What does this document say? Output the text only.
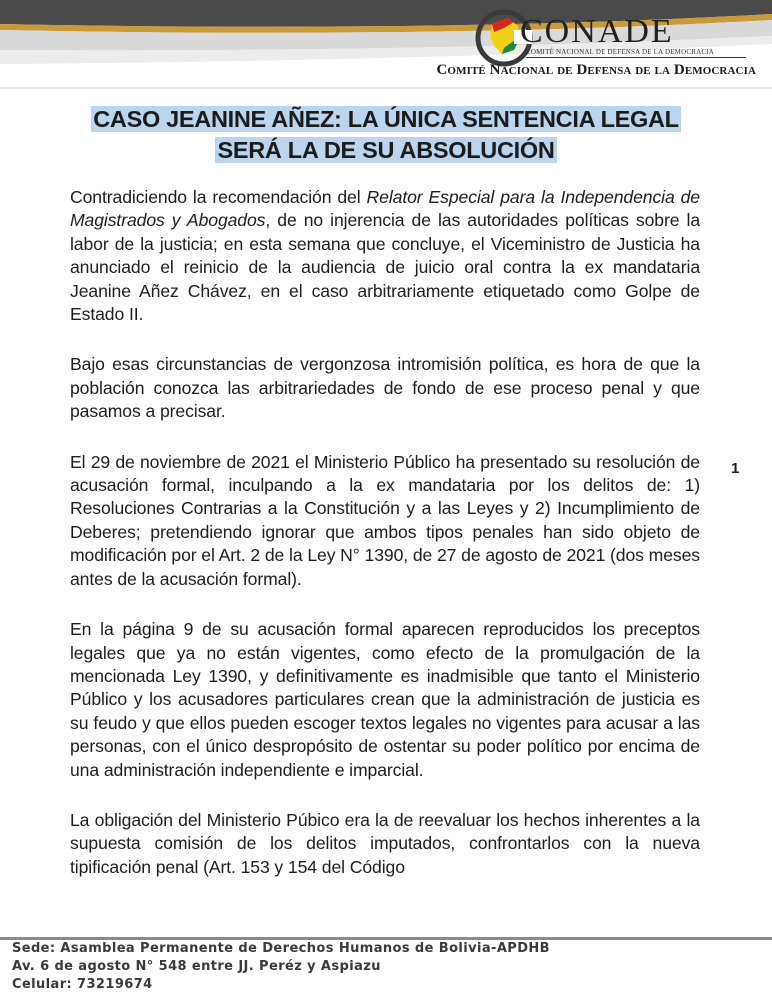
CONADE
COMITÉ NACIONAL DE DEFENSA DE LA DEMOCRACIA
Comité Nacional de Defensa de la Democracia
CASO JEANINE AÑEZ: LA ÚNICA SENTENCIA LEGAL
SERÁ LA DE SU ABSOLUCIÓN

Contradiciendo la recomendación del Relator Especial para la Independencia de Magistrados y Abogados, de no injerencia de las autoridades políticas sobre la labor de la justicia; en esta semana que concluye, el Viceministro de Justicia ha anunciado el reinicio de la audiencia de juicio oral contra la ex mandataria Jeanine Añez Chávez, en el caso arbitrariamente etiquetado como Golpe de Estado II.

Bajo esas circunstancias de vergonzosa intromisión política, es hora de que la población conozca las arbitrariedades de fondo de ese proceso penal y que pasamos a precisar.

El 29 de noviembre de 2021 el Ministerio Público ha presentado su resolución de acusación formal, inculpando a la ex mandataria por los delitos de: 1) Resoluciones Contrarias a la Constitución y a las Leyes y 2) Incumplimiento de Deberes; pretendiendo ignorar que ambos tipos penales han sido objeto de modificación por el Art. 2 de la Ley N° 1390, de 27 de agosto de 2021 (dos meses antes de la acusación formal).

En la página 9 de su acusación formal aparecen reproducidos los preceptos legales que ya no están vigentes, como efecto de la promulgación de la mencionada Ley 1390, y definitivamente es inadmisible que tanto el Ministerio Público y los acusadores particulares crean que la administración de justicia es su feudo y que ellos pueden escoger textos legales no vigentes para acusar a las personas, con el único despropósito de ostentar su poder político por encima de una administración independiente e imparcial.

La obligación del Ministerio Púbico era la de reevaluar los hechos inherentes a la supuesta comisión de los delitos imputados, confrontarlos con la nueva tipificación penal (Art. 153 y 154 del Código

1
Sede: Asamblea Permanente de Derechos Humanos de Bolivia-APDHB
Av. 6 de agosto N° 548 entre JJ. Peréz y Aspiazu
Celular: 73219674
